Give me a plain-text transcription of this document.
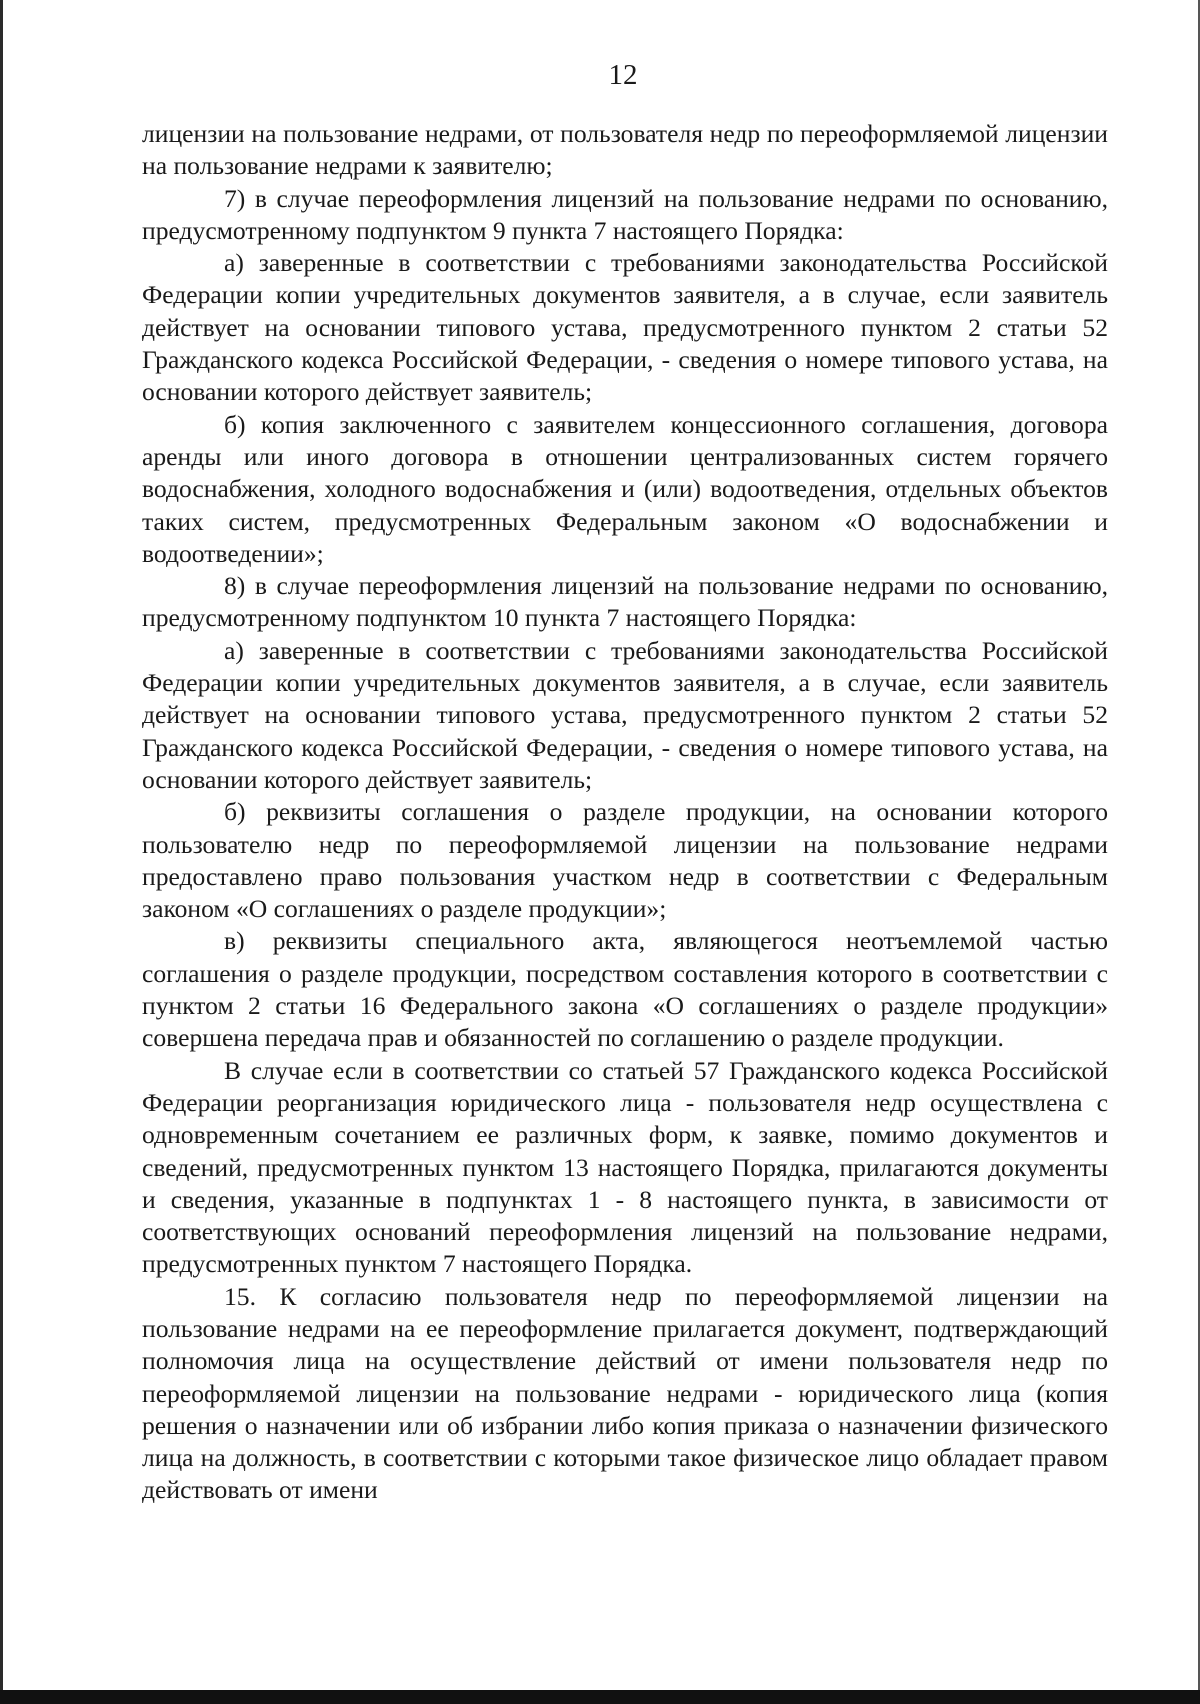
12

лицензии на пользование недрами, от пользователя недр по переоформляемой лицензии на пользование недрами к заявителю;

7) в случае переоформления лицензий на пользование недрами по основанию, предусмотренному подпунктом 9 пункта 7 настоящего Порядка:

а) заверенные в соответствии с требованиями законодательства Российской Федерации копии учредительных документов заявителя, а в случае, если заявитель действует на основании типового устава, предусмотренного пунктом 2 статьи 52 Гражданского кодекса Российской Федерации, - сведения о номере типового устава, на основании которого действует заявитель;

б) копия заключенного с заявителем концессионного соглашения, договора аренды или иного договора в отношении централизованных систем горячего водоснабжения, холодного водоснабжения и (или) водоотведения, отдельных объектов таких систем, предусмотренных Федеральным законом «О водоснабжении и водоотведении»;

8) в случае переоформления лицензий на пользование недрами по основанию, предусмотренному подпунктом 10 пункта 7 настоящего Порядка:

а) заверенные в соответствии с требованиями законодательства Российской Федерации копии учредительных документов заявителя, а в случае, если заявитель действует на основании типового устава, предусмотренного пунктом 2 статьи 52 Гражданского кодекса Российской Федерации, - сведения о номере типового устава, на основании которого действует заявитель;

б) реквизиты соглашения о разделе продукции, на основании которого пользователю недр по переоформляемой лицензии на пользование недрами предоставлено право пользования участком недр в соответствии с Федеральным законом «О соглашениях о разделе продукции»;

в) реквизиты специального акта, являющегося неотъемлемой частью соглашения о разделе продукции, посредством составления которого в соответствии с пунктом 2 статьи 16 Федерального закона «О соглашениях о разделе продукции» совершена передача прав и обязанностей по соглашению о разделе продукции.

В случае если в соответствии со статьей 57 Гражданского кодекса Российской Федерации реорганизация юридического лица - пользователя недр осуществлена с одновременным сочетанием ее различных форм, к заявке, помимо документов и сведений, предусмотренных пунктом 13 настоящего Порядка, прилагаются документы и сведения, указанные в подпунктах 1 - 8 настоящего пункта, в зависимости от соответствующих оснований переоформления лицензий на пользование недрами, предусмотренных пунктом 7 настоящего Порядка.

15. К согласию пользователя недр по переоформляемой лицензии на пользование недрами на ее переоформление прилагается документ, подтверждающий полномочия лица на осуществление действий от имени пользователя недр по переоформляемой лицензии на пользование недрами - юридического лица (копия решения о назначении или об избрании либо копия приказа о назначении физического лица на должность, в соответствии с которыми такое физическое лицо обладает правом действовать от имени
